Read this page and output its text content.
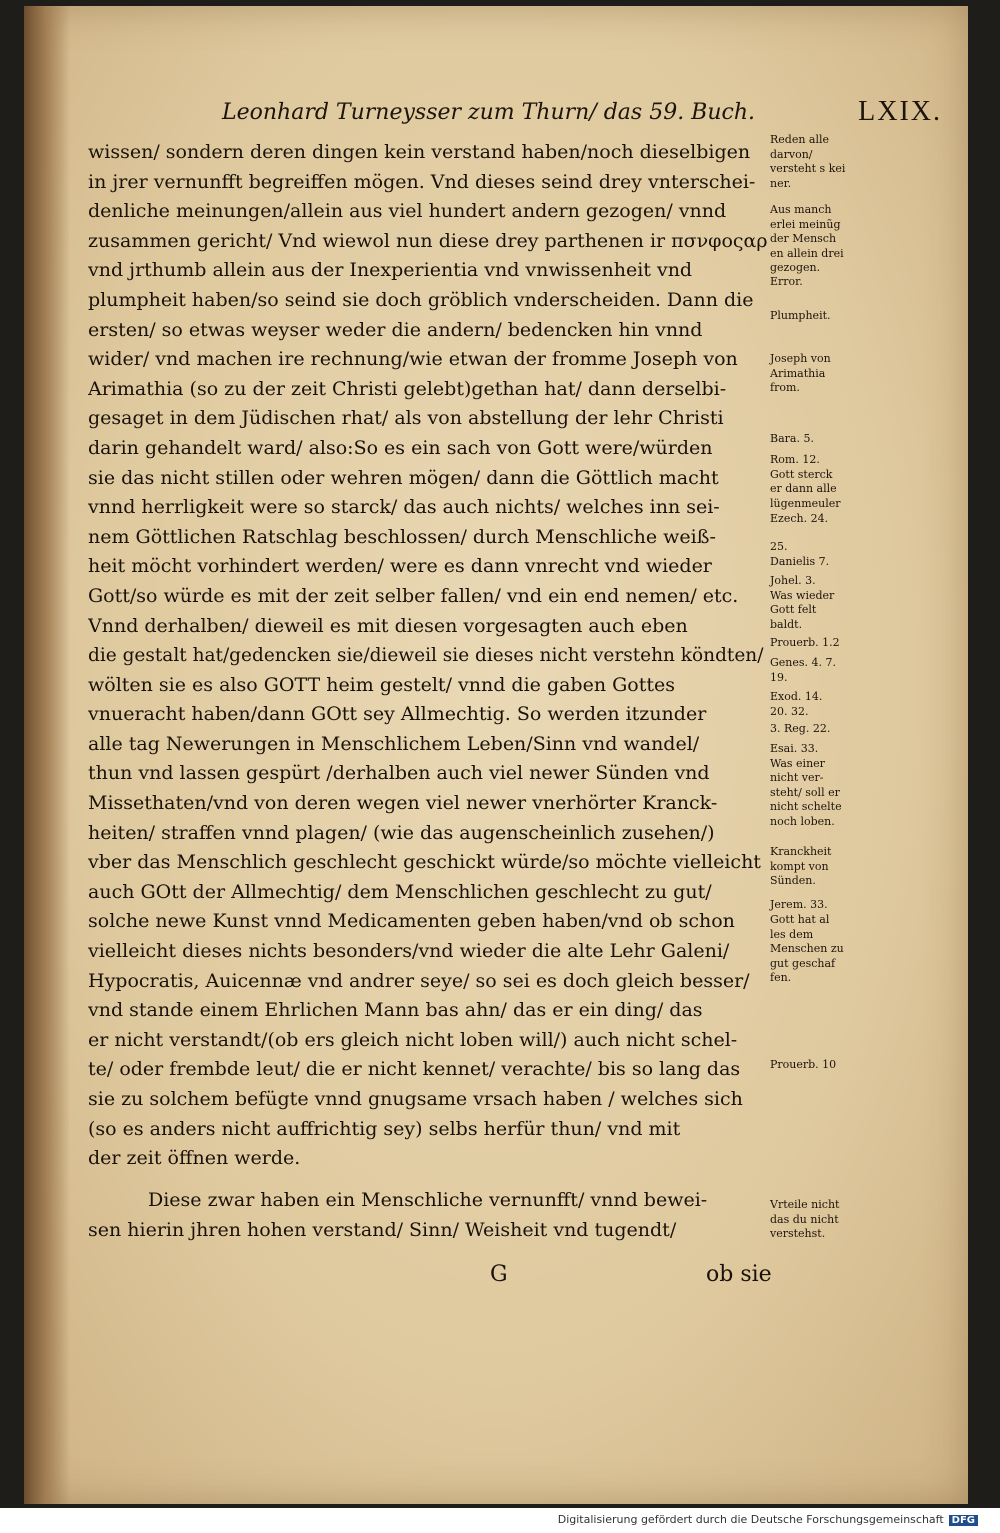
Leonhard Turneysser zum Thurn/ das 59. Buch.	LXIX.
wissen/ sondern deren dingen kein verstand haben/noch dieselbigen
in jrer vernunfft begreiffen mögen. Vnd dieses seind drey vnterschei-
denliche meinungen/allein aus viel hundert andern gezogen/ vnnd
zusammen gericht/ Vnd wiewol nun diese drey parthenen ir πσνφοςαρ
vnd jrthumb allein aus der Inexperientia vnd vnwissenheit vnd
plumpheit haben/so seind sie doch gröblich vnderscheiden. Dann die
ersten/ so etwas weyser weder die andern/ bedencken hin vnnd
wider/ vnd machen ire rechnung/wie etwan der fromme Joseph von
Arimathia (so zu der zeit Christi gelebt)gethan hat/ dann derselbi-
gesaget in dem Jüdischen rhat/ als von abstellung der lehr Christi
darin gehandelt ward/ also:So es ein sach von Gott were/würden
sie das nicht stillen oder wehren mögen/ dann die Göttlich macht
vnnd herrligkeit were so starck/ das auch nichts/ welches inn sei-
nem Göttlichen Ratschlag beschlossen/ durch Menschliche weiß-
heit möcht vorhindert werden/ were es dann vnrecht vnd wieder
Gott/so würde es mit der zeit selber fallen/ vnd ein end nemen/ etc.
Vnnd derhalben/ dieweil es mit diesen vorgesagten auch eben
die gestalt hat/gedencken sie/dieweil sie dieses nicht verstehn köndten/
wölten sie es also GOTT heim gestelt/ vnnd die gaben Gottes
vnueracht haben/dann GOtt sey Allmechtig. So werden itzunder
alle tag Newerungen in Menschlichem Leben/Sinn vnd wandel/
thun vnd lassen gespürt /derhalben auch viel newer Sünden vnd
Missethaten/vnd von deren wegen viel newer vnerhörter Kranck-
heiten/ straffen vnnd plagen/ (wie das augenscheinlich zusehen/)
vber das Menschlich geschlecht geschickt würde/so möchte vielleicht
auch GOtt der Allmechtig/ dem Menschlichen geschlecht zu gut/
solche newe Kunst vnnd Medicamenten geben haben/vnd ob schon
vielleicht dieses nichts besonders/vnd wieder die alte Lehr Galeni/
Hypocratis, Auicennæ vnd andrer seye/ so sei es doch gleich besser/
vnd stande einem Ehrlichen Mann bas ahn/ das er ein ding/ das
er nicht verstandt/(ob ers gleich nicht loben will/) auch nicht schel-
te/ oder frembde leut/ die er nicht kennet/ verachte/ bis so lang das
sie zu solchem befügte vnnd gnugsame vrsach haben / welches sich
(so es anders nicht auffrichtig sey) selbs herfür thun/ vnd mit
der zeit öffnen werde.
Diese zwar haben ein Menschliche vernunfft/ vnnd bewei-
sen hierin jhren hohen verstand/ Sinn/ Weisheit vnd tugendt/
G	ob sie
Reden alle
darvon/
versteht s kei
ner.
Aus manch
erlei meinũg
der Mensch
en allein drei
gezogen.
Error.
Plumpheit.
Joseph von
Arimathia
from.
Bara. 5.
Rom. 12.
Gott sterck
er dann alle
lügenmeuler
Ezech. 24.
25.
Danielis 7.
Johel. 3.
Was wieder
Gott felt
baldt.
Prouerb. 1.2
Genes. 4. 7.
19.
Exod. 14.
20. 32.
3. Reg. 22.
Esai. 33.
Was einer
nicht ver-
steht/ soll er
nicht schelte
noch loben.
Kranckheit
kompt von
Sünden.
Jerem. 33.
Gott hat al
les dem
Menschen zu
gut geschaf
fen.
Prouerb. 10
Vrteile nicht
das du nicht
verstehst.
Digitalisierung gefördert durch die Deutsche Forschungsgemeinschaft DFG
